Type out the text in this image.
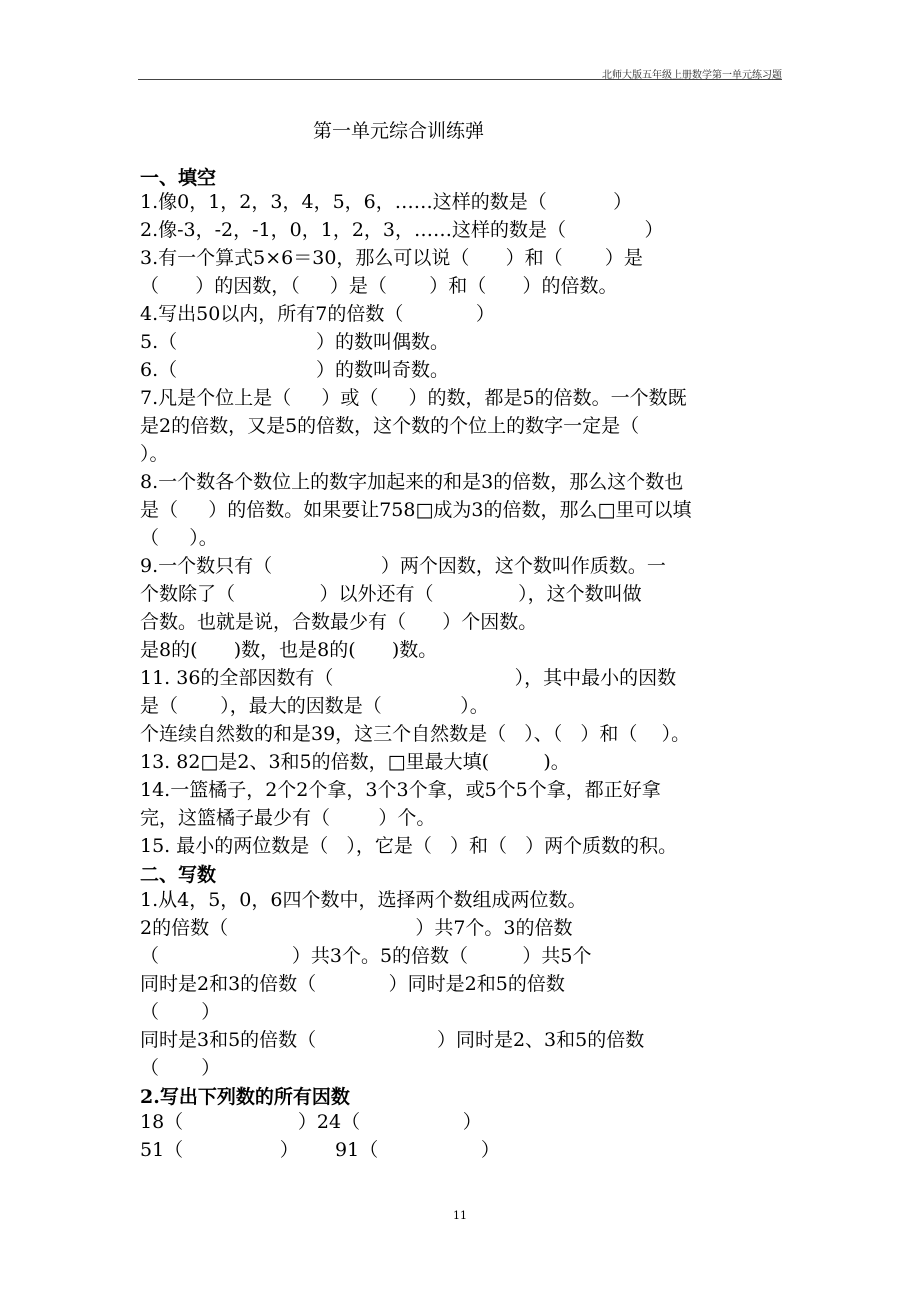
北师大版五年级上册数学第一单元练习题
第一单元综合训练弹
一、填空
1.像0，1，2，3，4，5，6，……这样的数是（           ）
2.像-3，-2，-1，0，1，2，3，……这样的数是（             ）
3.有一个算式5×6＝30，那么可以说（      ）和（       ）是
（      ）的因数，（     ）是（       ）和（      ）的倍数。
4.写出50以内，所有7的倍数（            ）
5.（                       ）的数叫偶数。
6.（                       ）的数叫奇数。
7.凡是个位上是（     ）或（     ）的数，都是5的倍数。一个数既
是2的倍数，又是5的倍数，这个数的个位上的数字一定是（
）。
8.一个数各个数位上的数字加起来的和是3的倍数，那么这个数也
是（     ）的倍数。如果要让758□成为3的倍数，那么□里可以填
（     ）。
9.一个数只有（                  ）两个因数，这个数叫作质数。一
个数除了（              ）以外还有（              ），这个数叫做
合数。也就是说，合数最少有（      ）个因数。
是8的(      )数，也是8的(      )数。
11. 36的全部因数有（                              ），其中最小的因数
是（       ），最大的因数是（             ）。
个连续自然数的和是39，这三个自然数是（   ）、（   ）和（    ）。
13. 82□是2、3和5的倍数，□里最大填(         )。
14.一篮橘子，2个2个拿，3个3个拿，或5个5个拿，都正好拿
完，这篮橘子最少有（        ）个。
15. 最小的两位数是（   ），它是（   ）和（   ）两个质数的积。
二、写数
1.从4，5，0，6四个数中，选择两个数组成两位数。
2的倍数（                               ）共7个。3的倍数
（                      ）共3个。5的倍数（         ）共5个
同时是2和3的倍数（            ）同时是2和5的倍数
（       ）
同时是3和5的倍数（                    ）同时是2、3和5的倍数
（       ）
2.写出下列数的所有因数
18（                   ）24（                 ）
51（                ）      91（                 ）
11
